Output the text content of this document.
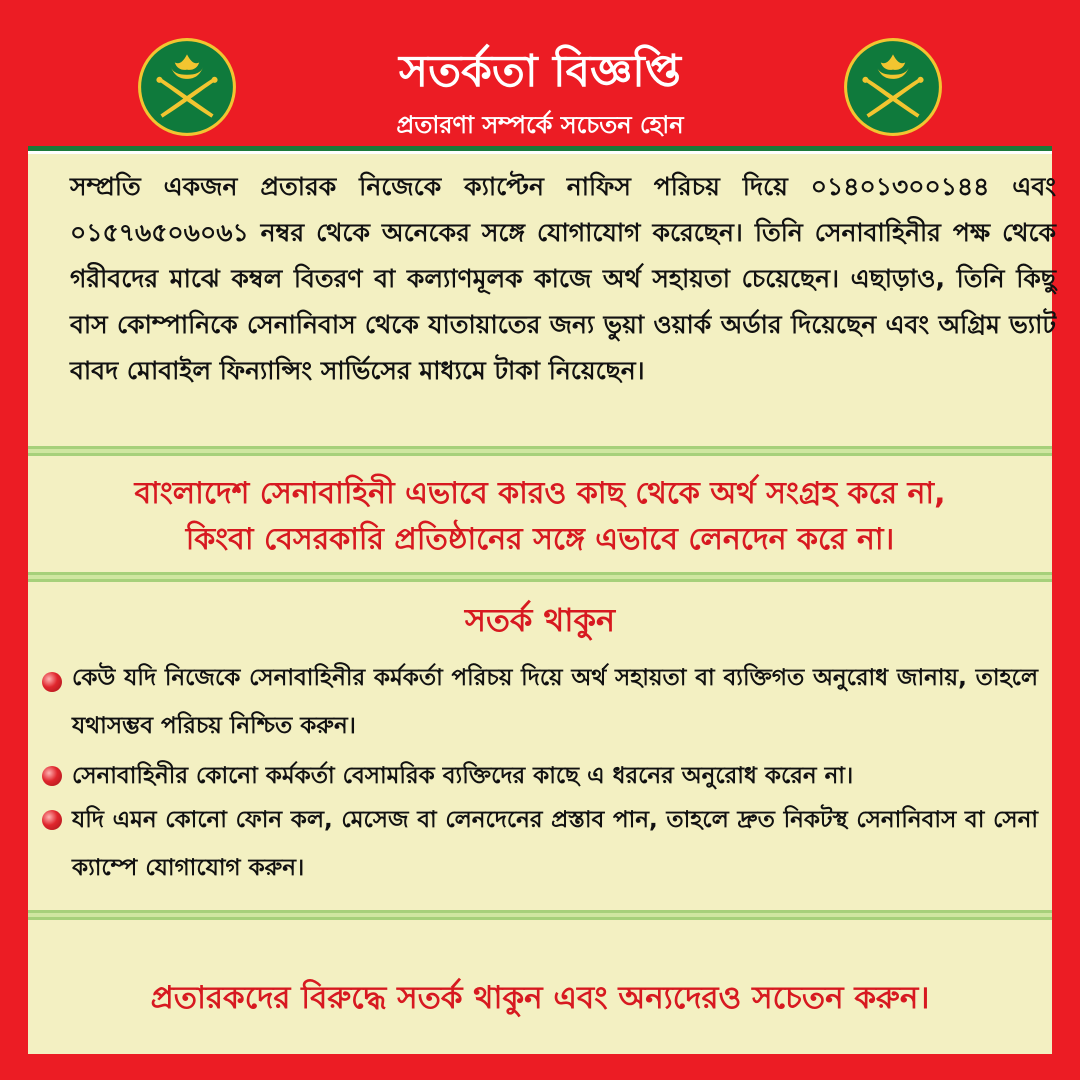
সতর্কতা বিজ্ঞপ্তি
প্রতারণা সম্পর্কে সচেতন হোন
সম্প্রতি একজন প্রতারক নিজেকে ক্যাপ্টেন নাফিস পরিচয় দিয়ে ০১৪০১৩০০১৪৪ এবং ০১৫৭৬৫০৬০৬১ নম্বর থেকে অনেকের সঙ্গে যোগাযোগ করেছেন। তিনি সেনাবাহিনীর পক্ষ থেকে গরীবদের মাঝে কম্বল বিতরণ বা কল্যাণমূলক কাজে অর্থ সহায়তা চেয়েছেন। এছাড়াও, তিনি কিছু বাস কোম্পানিকে সেনানিবাস থেকে যাতায়াতের জন্য ভুয়া ওয়ার্ক অর্ডার দিয়েছেন এবং অগ্রিম ভ্যাট বাবদ মোবাইল ফিন্যান্সিং সার্ভিসের মাধ্যমে টাকা নিয়েছেন।
বাংলাদেশ সেনাবাহিনী এভাবে কারও কাছ থেকে অর্থ সংগ্রহ করে না,
কিংবা বেসরকারি প্রতিষ্ঠানের সঙ্গে এভাবে লেনদেন করে না।
সতর্ক থাকুন
কেউ যদি নিজেকে সেনাবাহিনীর কর্মকর্তা পরিচয় দিয়ে অর্থ সহায়তা বা ব্যক্তিগত অনুরোধ জানায়, তাহলে যথাসম্ভব পরিচয় নিশ্চিত করুন।
সেনাবাহিনীর কোনো কর্মকর্তা বেসামরিক ব্যক্তিদের কাছে এ ধরনের অনুরোধ করেন না।
যদি এমন কোনো ফোন কল, মেসেজ বা লেনদেনের প্রস্তাব পান, তাহলে দ্রুত নিকটস্থ সেনানিবাস বা সেনা ক্যাম্পে যোগাযোগ করুন।
প্রতারকদের বিরুদ্ধে সতর্ক থাকুন এবং অন্যদেরও সচেতন করুন।
